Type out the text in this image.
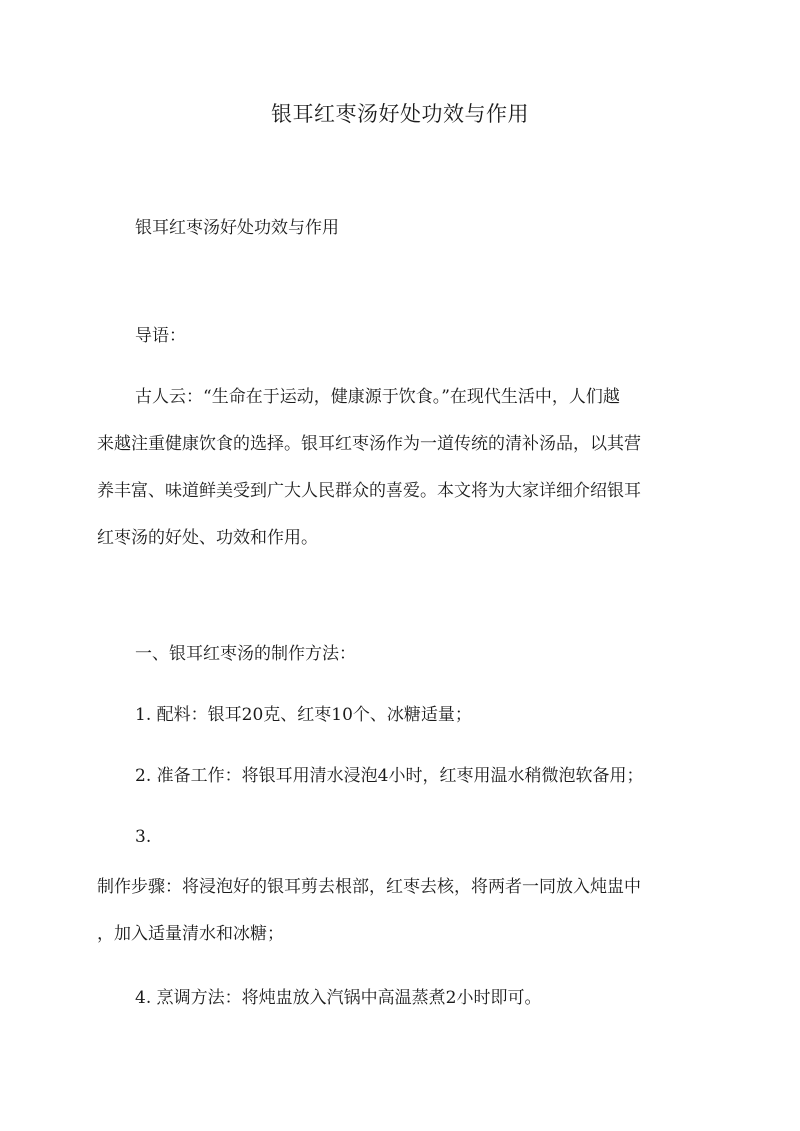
银耳红枣汤好处功效与作用

银耳红枣汤好处功效与作用

导语：

古人云：“生命在于运动，健康源于饮食。”在现代生活中，人们越
来越注重健康饮食的选择。银耳红枣汤作为一道传统的清补汤品，以其营
养丰富、味道鲜美受到广大人民群众的喜爱。本文将为大家详细介绍银耳
红枣汤的好处、功效和作用。

一、银耳红枣汤的制作方法：

1. 配料：银耳20克、红枣10个、冰糖适量；

2. 准备工作：将银耳用清水浸泡4小时，红枣用温水稍微泡软备用；

3.

制作步骤：将浸泡好的银耳剪去根部，红枣去核，将两者一同放入炖盅中
，加入适量清水和冰糖；

4. 烹调方法：将炖盅放入汽锅中高温蒸煮2小时即可。
